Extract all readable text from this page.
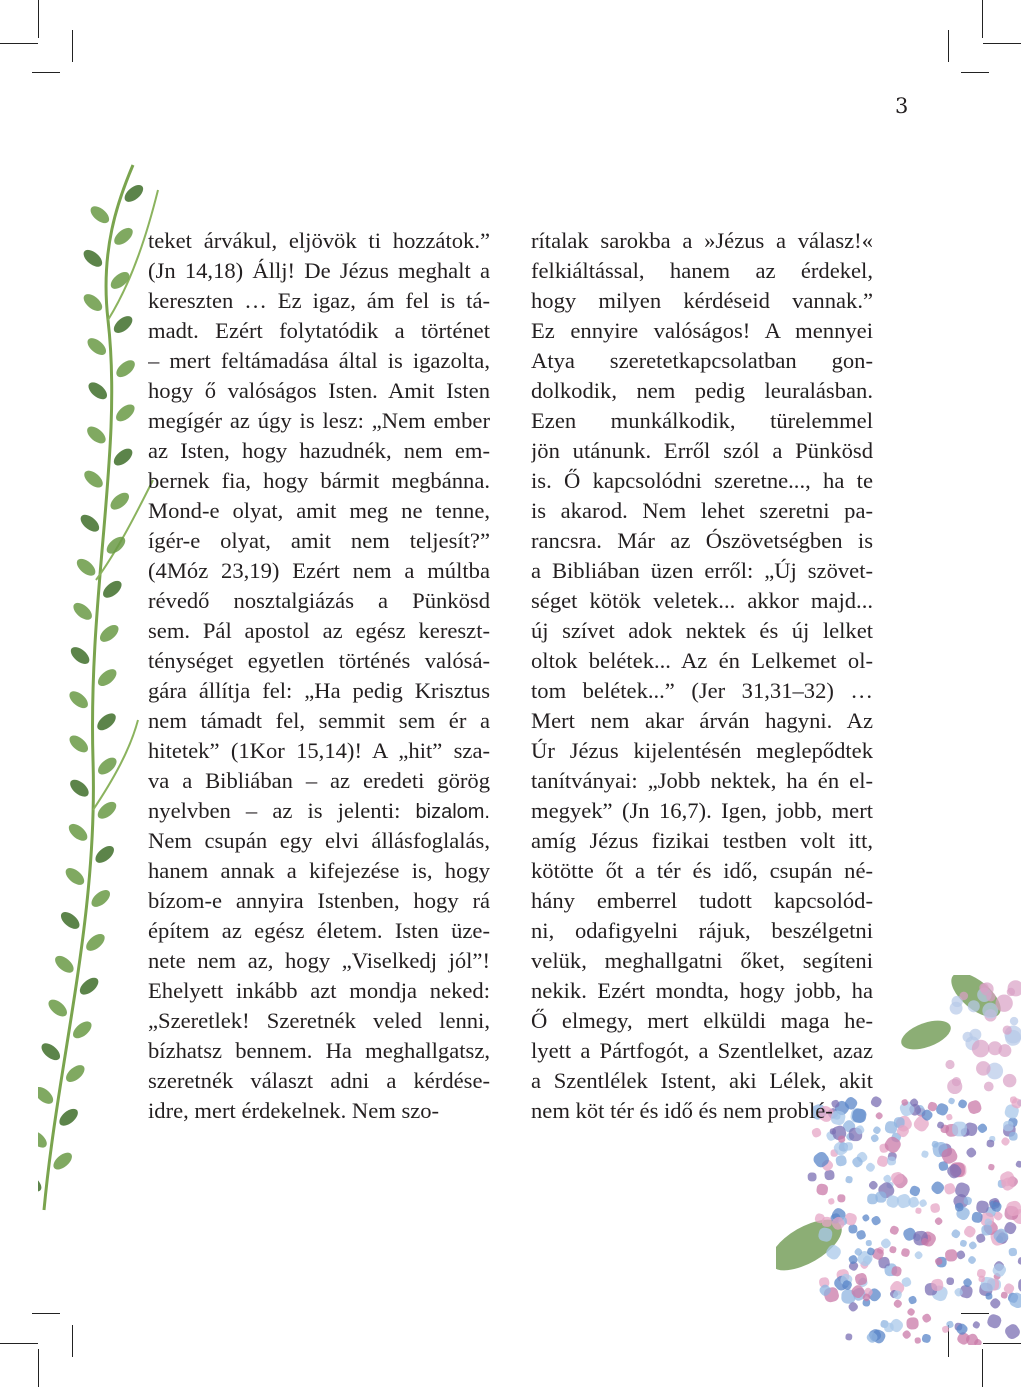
3
teket árvákul, eljövök ti hozzátok.”
(Jn 14,18) Állj! De Jézus meghalt a
kereszten … Ez igaz, ám fel is tá-
madt. Ezért folytatódik a történet
– mert feltámadása által is igazolta,
hogy ő valóságos Isten. Amit Isten
megígér az úgy is lesz: „Nem ember
az Isten, hogy hazudnék, nem em-
bernek fia, hogy bármit megbánna.
Mond-e olyat, amit meg ne tenne,
ígér-e olyat, amit nem teljesít?”
(4Móz 23,19) Ezért nem a múltba
révedő nosztalgiázás a Pünkösd
sem. Pál apostol az egész kereszt-
ténységet egyetlen történés valósá-
gára állítja fel: „Ha pedig Krisztus
nem támadt fel, semmit sem ér a
hitetek” (1Kor 15,14)! A „hit” sza-
va a Bibliában – az eredeti görög
nyelvben – az is jelenti: bizalom.
Nem csupán egy elvi állásfoglalás,
hanem annak a kifejezése is, hogy
bízom-e annyira Istenben, hogy rá
építem az egész életem. Isten üze-
nete nem az, hogy „Viselkedj jól”!
Ehelyett inkább azt mondja neked:
„Szeretlek! Szeretnék veled lenni,
bízhatsz bennem. Ha meghallgatsz,
szeretnék választ adni a kérdése-
idre, mert érdekelnek. Nem szo-
rítalak sarokba a »Jézus a válasz!«
felkiáltással, hanem az érdekel,
hogy milyen kérdéseid vannak.”
Ez ennyire valóságos! A mennyei
Atya szeretetkapcsolatban gon-
dolkodik, nem pedig leuralásban.
Ezen munkálkodik, türelemmel
jön utánunk. Erről szól a Pünkösd
is. Ő kapcsolódni szeretne..., ha te
is akarod. Nem lehet szeretni pa-
rancsra. Már az Ószövetségben is
a Bibliában üzen erről: „Új szövet-
séget kötök veletek... akkor majd...
új szívet adok nektek és új lelket
oltok belétek... Az én Lelkemet ol-
tom belétek...” (Jer 31,31–32) …
Mert nem akar árván hagyni. Az
Úr Jézus kijelentésén meglepődtek
tanítványai: „Jobb nektek, ha én el-
megyek” (Jn 16,7). Igen, jobb, mert
amíg Jézus fizikai testben volt itt,
kötötte őt a tér és idő, csupán né-
hány emberrel tudott kapcsolód-
ni, odafigyelni rájuk, beszélgetni
velük, meghallgatni őket, segíteni
nekik. Ezért mondta, hogy jobb, ha
Ő elmegy, mert elküldi maga he-
lyett a Pártfogót, a Szentlelket, azaz
a Szentlélek Istent, aki Lélek, akit
nem köt tér és idő és nem problé-
